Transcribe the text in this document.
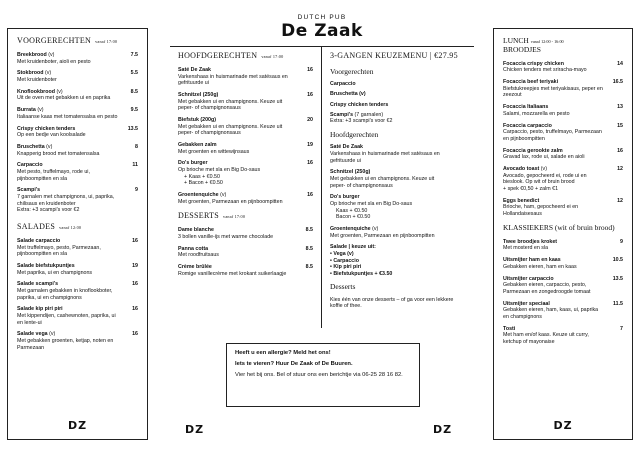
DUTCH PUB
De Zaak
VOORGERECHTEN vanaf 17:00
Breekbrood (v)
Met kruidenboter, aioli en pesto
7.5
Stokbrood (v)
Met kruidenboter
5.5
Knoflookbrood (v)
Uit de oven met gebakken ui en paprika
8.5
Burrata (v)
Italiaanse kaas met tomatensalsa en pesto
9.5
Crispy chicken tenders
Op een bedje van koolsalade
13.5
Bruschetta (v)
Knapperig brood met tomatensalsa
8
Carpaccio
Met pesto, truffelmayo, rode ui, pijnboompitten en sla
11
Scampi's
7 garnalen met champignons, ui, paprika, chilisaus en kruidenboter
Extra: +3 scampi's voor €2
9
SALADES vanaf 12:00
Salade carpaccio
Met truffelmayo, pesto, Parmezaan, pijnboompitten en sla
16
Salade biefstukpuntjes
Met paprika, ui en champignons
19
Salade scampi's
Met garnalen gebakken in knoflookboter, paprika, ui en champignons
16
Salade kip piri piri
Met kippendijen, cashewnoten, paprika, ui en lente-ui
16
Salade vega (v)
Met gebakken groenten, ketjap, noten en Parmezaan
16
DZ
HOOFDGERECHTEN vanaf 17:00
Saté De Zaak
Varkenshaas in huismarinade met satésaus en gefrituurde ui
16
Schnitzel (250g)
Met gebakken ui en champignons. Keuze uit peper- of champignonsaus
16
Biefstuk (200g)
Met gebakken ui en champignons. Keuze uit peper- of champignonsaus
20
Gebakken zalm
Met groenten en wittewijnsaus
19
Do's burger
Op brioche met sla en Big Do-saus
+ Kaas + €0.50
+ Bacon + €0.50
16
Groentenquiche (v)
Met groenten, Parmezaan en pijnboompitten
16
DESSERTS vanaf 17:00
Dame blanche
3 bollen vanille-ijs met warme chocolade
8.5
Panna cotta
Met roodfruitsaus
8.5
Crème brûlée
Romige vanillecrème met krokant suikerlaagje
8.5
3-GANGEN KEUZEMENU | €27.95
Voorgerechten
Carpaccio
Bruschetta (v)
Crispy chicken tenders
Scampi's (7 garnalen)
Extra: +3 scampi's voor €2
Hoofdgerechten
Saté De Zaak
Varkenshaas in huismarinade met satésaus en gefrituurde ui
Schnitzel (250g)
Met gebakken ui en champignons. Keuze uit peper- of champignonsaus
Do's burger
Op brioche met sla en Big Do-saus
Kaas + €0.50
Bacon + €0.50
Groentenquiche (v)
Met groenten, Parmezaan en pijnboompitten
Salade | keuze uit:
• Vega (v)
• Carpaccio
• Kip piri piri
• Biefstukpuntjes + €3.50
Desserts
Kies één van onze desserts – of ga voor een lekkere koffie of thee.

Heeft u een allergie? Meld het ons!

Iets te vieren? Huur De Zaak of De Buuren.

Vier het bij ons. Bel of stuur ons een berichtje via 06-25 28 16 82.

DZ	DZ
LUNCH vanaf 12:00 - 16:00
BROODJES
Focaccia crispy chicken
Chicken tenders met sriracha-mayo
14
Focaccia beef teriyaki
Biefstukreepjes met teriyakisaus, peper en zeezout
16.5
Focaccia Italiaans
Salami, mozzarella en pesto
13
Focaccia carpaccio
Carpaccio, pesto, truffelmayo, Parmezaan en pijnboompitten
15
Focaccia gerookte zalm
Gravad lax, rode ui, salade en aioli
16
Avocado toast (v)
Avocado, gepocheerd ei, rode ui en bieslook. Op wit of bruin brood
+ spek €0,50 + zalm €1
12
Eggs benedict
Brioche, ham, gepocheerd ei en Hollandaisesaus
12
KLASSIEKERS (wit of bruin brood)
Twee broodjes kroket
Met mosterd en sla
9
Uitsmijter ham en kaas
Gebakken eieren, ham en kaas
10.5
Uitsmijter carpaccio
Gebakken eieren, carpaccio, pesto, Parmezaan en zongedroogde tomaat
13.5
Uitsmijter speciaal
Gebakken eieren, ham, kaas, ui, paprika en champignons
11.5
Tosti
Met ham en/of kaas. Keuze uit curry, ketchup of mayonaise
7
DZ
